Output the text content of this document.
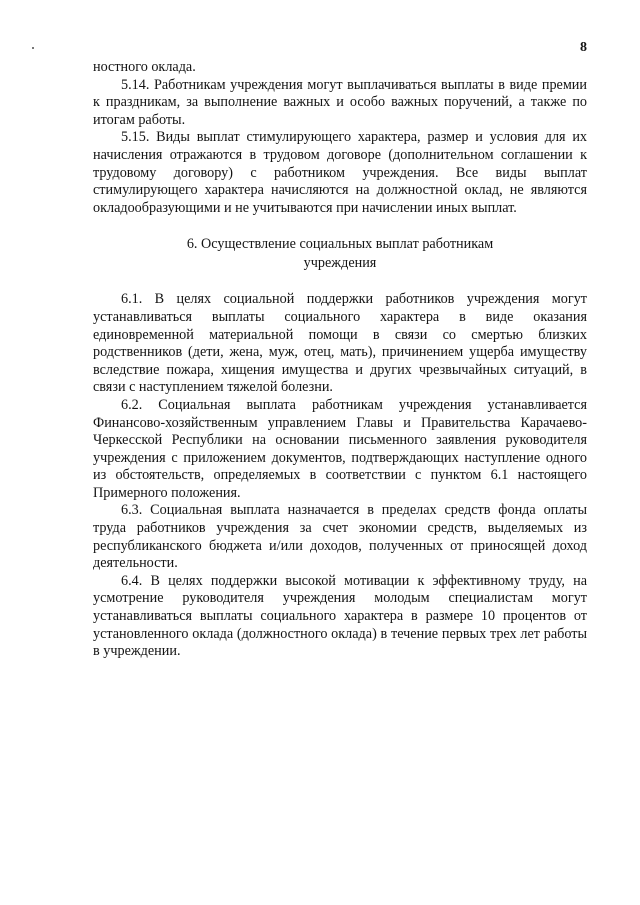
8

ностного оклада.

5.14. Работникам учреждения могут выплачиваться выплаты в виде премии к праздникам, за выполнение важных и особо важных поручений, а также по итогам работы.

5.15. Виды выплат стимулирующего характера, размер и условия для их начисления отражаются в трудовом договоре (дополнительном соглашении к трудовому договору) с работником учреждения. Все виды выплат стимулирующего характера начисляются на должностной оклад, не являются окладообразующими и не учитываются при начислении иных выплат.

6. Осуществление социальных выплат работникам
учреждения

6.1. В целях социальной поддержки работников учреждения могут устанавливаться выплаты социального характера в виде оказания единовременной материальной помощи в связи со смертью близких родственников (дети, жена, муж, отец, мать), причинением ущерба имуществу вследствие пожара, хищения имущества и других чрезвычайных ситуаций, в связи с наступлением тяжелой болезни.

6.2. Социальная выплата работникам учреждения устанавливается Финансово-хозяйственным управлением Главы и Правительства Карачаево-Черкесской Республики на основании письменного заявления руководителя учреждения с приложением документов, подтверждающих наступление одного из обстоятельств, определяемых в соответствии с пунктом 6.1 настоящего Примерного положения.

6.3. Социальная выплата назначается в пределах средств фонда оплаты труда работников учреждения за счет экономии средств, выделяемых из республиканского бюджета и/или доходов, полученных от приносящей доход деятельности.

6.4. В целях поддержки высокой мотивации к эффективному труду, на усмотрение руководителя учреждения молодым специалистам могут устанавливаться выплаты социального характера в размере 10 процентов от установленного оклада (должностного оклада) в течение первых трех лет работы в учреждении.
